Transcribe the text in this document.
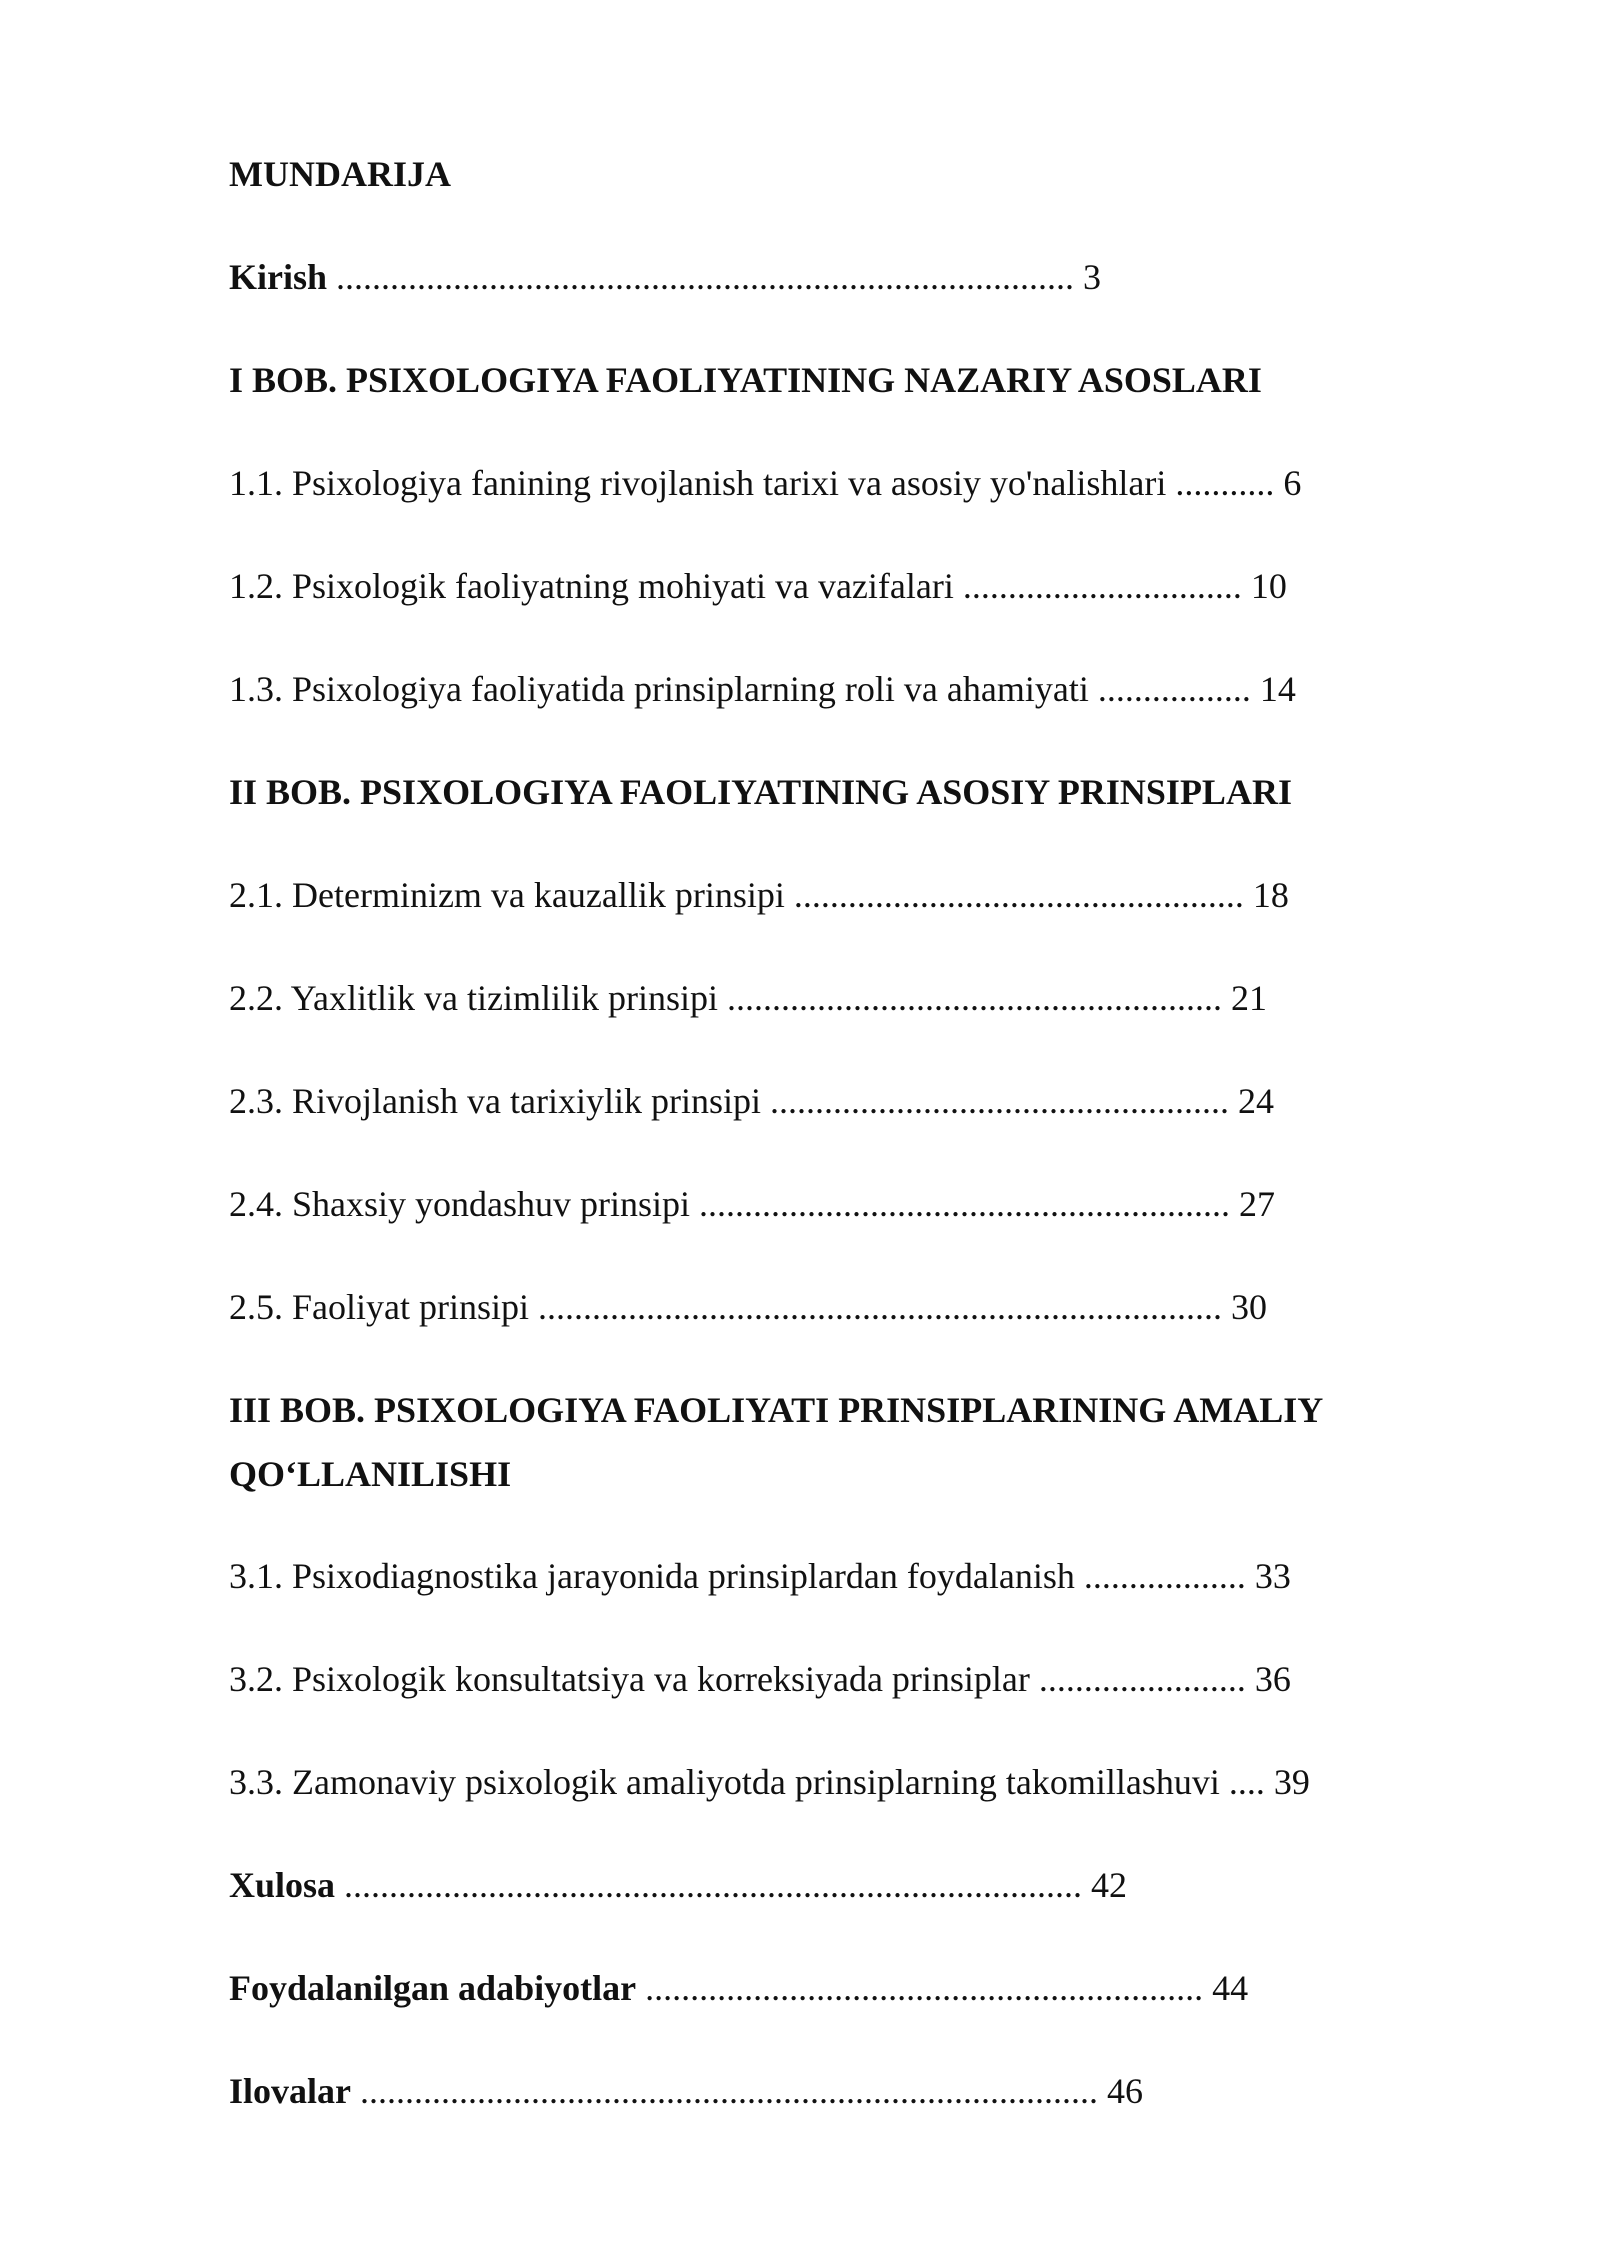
MUNDARIJA
Kirish .................................................................................. 3
I BOB. PSIXOLOGIYA FAOLIYATINING NAZARIY ASOSLARI
1.1. Psixologiya fanining rivojlanish tarixi va asosiy yo'nalishlari ........... 6
1.2. Psixologik faoliyatning mohiyati va vazifalari ............................... 10
1.3. Psixologiya faoliyatida prinsiplarning roli va ahamiyati ................. 14
II BOB. PSIXOLOGIYA FAOLIYATINING ASOSIY PRINSIPLARI
2.1. Determinizm va kauzallik prinsipi .................................................. 18
2.2. Yaxlitlik va tizimlilik prinsipi ....................................................... 21
2.3. Rivojlanish va tarixiylik prinsipi ................................................... 24
2.4. Shaxsiy yondashuv prinsipi ........................................................... 27
2.5. Faoliyat prinsipi ............................................................................ 30
III BOB. PSIXOLOGIYA FAOLIYATI PRINSIPLARINING AMALIY QO‘LLANILISHI
3.1. Psixodiagnostika jarayonida prinsiplardan foydalanish .................. 33
3.2. Psixologik konsultatsiya va korreksiyada prinsiplar ....................... 36
3.3. Zamonaviy psixologik amaliyotda prinsiplarning takomillashuvi .... 39
Xulosa .................................................................................. 42
Foydalanilgan adabiyotlar .............................................................. 44
Ilovalar .................................................................................. 46
